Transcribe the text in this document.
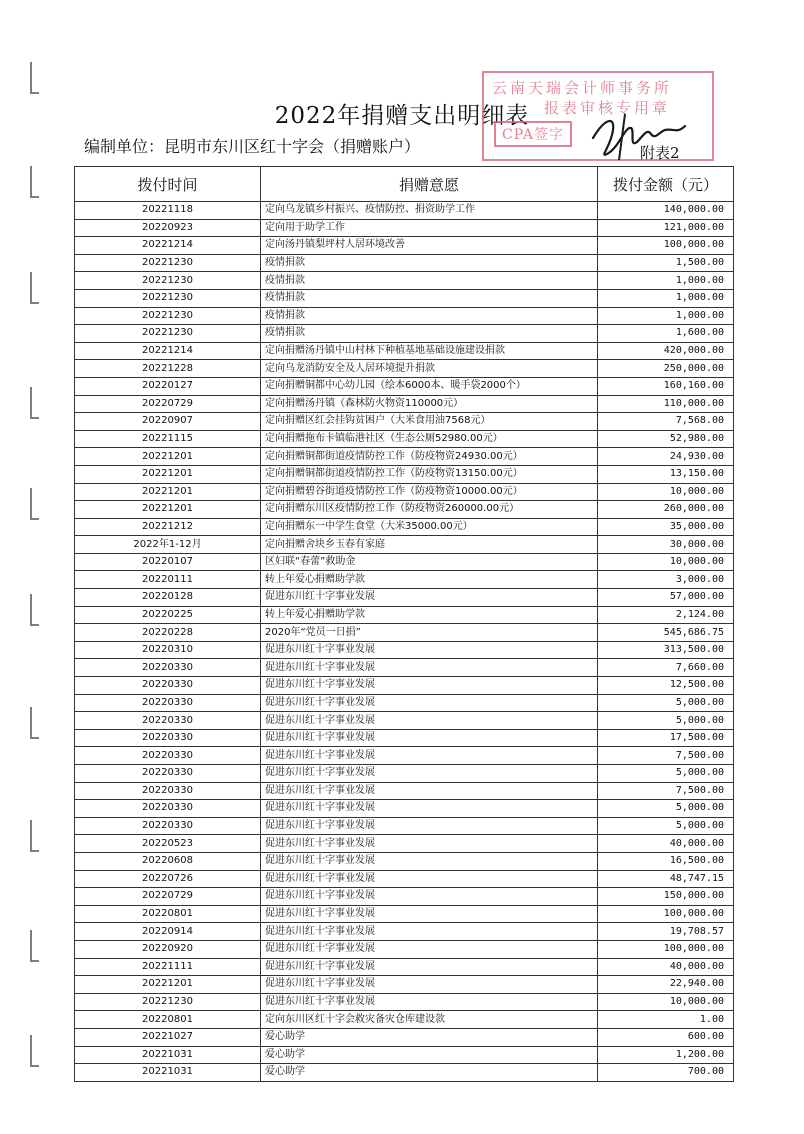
2022年捐赠支出明细表
编制单位：昆明市东川区红十字会（捐赠账户）
云南天瑞会计师事务所
报表审核专用章
CPA签字
附表2
拨付时间	捐赠意愿	拨付金额（元）
20221118	定向乌龙镇乡村振兴、疫情防控、捐资助学工作	140,000.00
20220923	定向用于助学工作	121,000.00
20221214	定向汤丹镇梨坪村人居环境改善	100,000.00
20221230	疫情捐款	1,500.00
20221230	疫情捐款	1,000.00
20221230	疫情捐款	1,000.00
20221230	疫情捐款	1,000.00
20221230	疫情捐款	1,600.00
20221214	定向捐赠汤丹镇中山村林下种植基地基础设施建设捐款	420,000.00
20221228	定向乌龙消防安全及人居环境提升捐款	250,000.00
20220127	定向捐赠铜都中心幼儿园（绘本6000本、暖手袋2000个）	160,160.00
20220729	定向捐赠汤丹镇（森林防火物资110000元）	110,000.00
20220907	定向捐赠区红会挂钩贫困户（大米食用油7568元）	7,568.00
20221115	定向捐赠拖布卡镇临港社区（生态公厕52980.00元）	52,980.00
20221201	定向捐赠铜都街道疫情防控工作（防疫物资24930.00元）	24,930.00
20221201	定向捐赠铜都街道疫情防控工作（防疫物资13150.00元）	13,150.00
20221201	定向捐赠碧谷街道疫情防控工作（防疫物资10000.00元）	10,000.00
20221201	定向捐赠东川区疫情防控工作（防疫物资260000.00元）	260,000.00
20221212	定向捐赠东一中学生食堂（大米35000.00元）	35,000.00
2022年1-12月	定向捐赠舍块乡玉春有家庭	30,000.00
20220107	区妇联“春蕾”救助金	10,000.00
20220111	转上年爱心捐赠助学款	3,000.00
20220128	促进东川红十字事业发展	57,000.00
20220225	转上年爱心捐赠助学款	2,124.00
20220228	2020年“党员一日捐”	545,686.75
20220310	促进东川红十字事业发展	313,500.00
20220330	促进东川红十字事业发展	7,660.00
20220330	促进东川红十字事业发展	12,500.00
20220330	促进东川红十字事业发展	5,000.00
20220330	促进东川红十字事业发展	5,000.00
20220330	促进东川红十字事业发展	17,500.00
20220330	促进东川红十字事业发展	7,500.00
20220330	促进东川红十字事业发展	5,000.00
20220330	促进东川红十字事业发展	7,500.00
20220330	促进东川红十字事业发展	5,000.00
20220330	促进东川红十字事业发展	5,000.00
20220523	促进东川红十字事业发展	40,000.00
20220608	促进东川红十字事业发展	16,500.00
20220726	促进东川红十字事业发展	48,747.15
20220729	促进东川红十字事业发展	150,000.00
20220801	促进东川红十字事业发展	100,000.00
20220914	促进东川红十字事业发展	19,708.57
20220920	促进东川红十字事业发展	100,000.00
20221111	促进东川红十字事业发展	40,000.00
20221201	促进东川红十字事业发展	22,940.00
20221230	促进东川红十字事业发展	10,000.00
20220801	定向东川区红十字会救灾备灾仓库建设款	1.00
20221027	爱心助学	600.00
20221031	爱心助学	1,200.00
20221031	爱心助学	700.00
